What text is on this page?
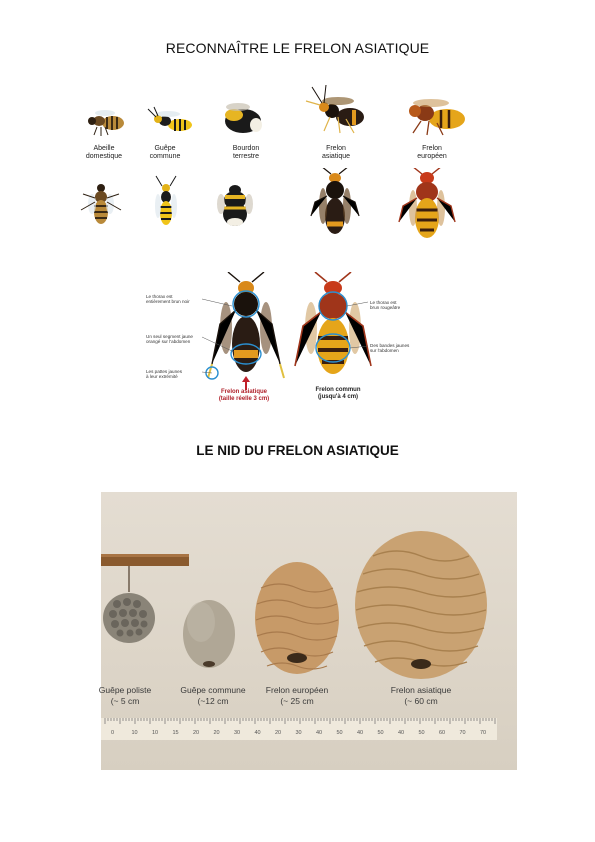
RECONNAÎTRE LE FRELON ASIATIQUE
Abeille
domestique
Guêpe
commune
Bourdon
terrestre
Frelon
asiatique
Frelon
européen
Le thorax est
entièrement brun noir
Un seul segment jaune
orangé sur l'abdomen
Les pattes jaunes
à leur extrémité
Le thorax est
brun rougeâtre
Des bandes jaunes
sur l'abdomen
Frelon asiatique
(taille réelle 3 cm)
Frelon commun
(jusqu'à 4 cm)
LE NID DU FRELON ASIATIQUE
Guêpe poliste
(~ 5 cm
Guêpe commune
(~12 cm
Frelon européen
(~ 25 cm
Frelon asiatique
(~ 60 cm
0	10	10	15	20	20	30	40	20	30	40	50	40	50	40	50	60	70	70
